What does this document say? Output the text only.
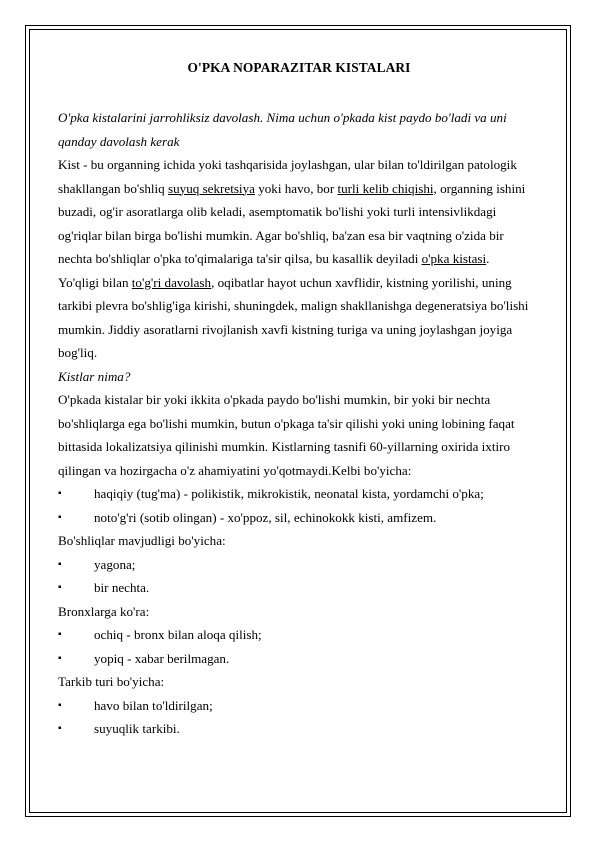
O'PKA NOPARAZITAR KISTALARI

O'pka kistalarini jarrohliksiz davolash. Nima uchun o'pkada kist paydo bo'ladi va uni qanday davolash kerak

Kist - bu organning ichida yoki tashqarisida joylashgan, ular bilan to'ldirilgan patologik shakllangan bo'shliq suyuq sekretsiya yoki havo, bor turli kelib chiqishi, organning ishini buzadi, og'ir asoratlarga olib keladi, asemptomatik bo'lishi yoki turli intensivlikdagi og'riqlar bilan birga bo'lishi mumkin. Agar bo'shliq, ba'zan esa bir vaqtning o'zida bir nechta bo'shliqlar o'pka to'qimalariga ta'sir qilsa, bu kasallik deyiladi o'pka kistasi.

Yo'qligi bilan to'g'ri davolash, oqibatlar hayot uchun xavflidir, kistning yorilishi, uning tarkibi plevra bo'shlig'iga kirishi, shuningdek, malign shakllanishga degeneratsiya bo'lishi mumkin. Jiddiy asoratlarni rivojlanish xavfi kistning turiga va uning joylashgan joyiga bog'liq.

Kistlar nima?

O'pkada kistalar bir yoki ikkita o'pkada paydo bo'lishi mumkin, bir yoki bir nechta bo'shliqlarga ega bo'lishi mumkin, butun o'pkaga ta'sir qilishi yoki uning lobining faqat bittasida lokalizatsiya qilinishi mumkin. Kistlarning tasnifi 60-yillarning oxirida ixtiro qilingan va hozirgacha o'z ahamiyatini yo'qotmaydi.Kelbi bo'yicha:

▪ haqiqiy (tug'ma) - polikistik, mikrokistik, neonatal kista, yordamchi o'pka;
▪ noto'g'ri (sotib olingan) - xo'ppoz, sil, echinokokk kisti, amfizem.

Bo'shliqlar mavjudligi bo'yicha:

▪ yagona;
▪ bir nechta.

Bronxlarga ko'ra:

▪ ochiq - bronx bilan aloqa qilish;
▪ yopiq - xabar berilmagan.

Tarkib turi bo'yicha:

▪ havo bilan to'ldirilgan;
▪ suyuqlik tarkibi.
